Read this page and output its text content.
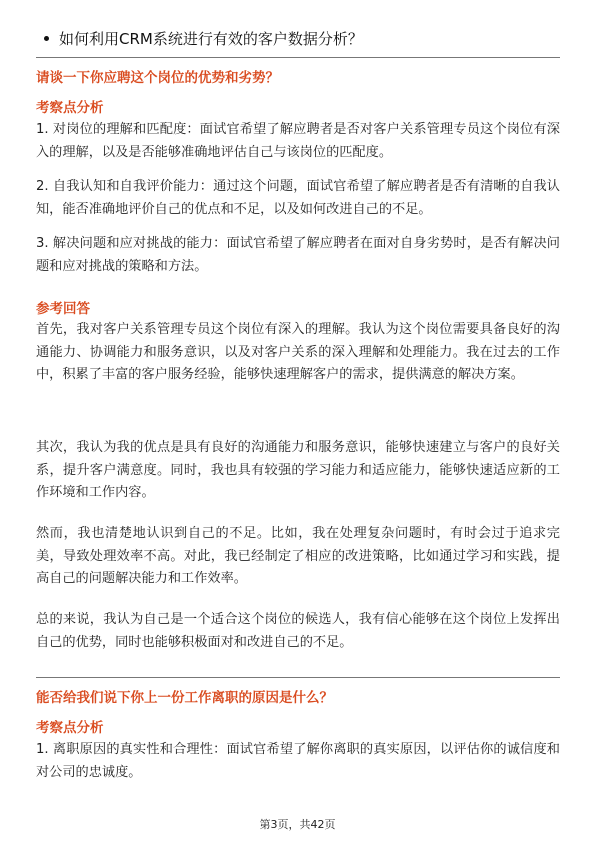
如何利用CRM系统进行有效的客户数据分析？
请谈一下你应聘这个岗位的优势和劣势？
考察点分析
1. 对岗位的理解和匹配度：面试官希望了解应聘者是否对客户关系管理专员这个岗位有深入的理解，以及是否能够准确地评估自己与该岗位的匹配度。
2. 自我认知和自我评价能力：通过这个问题，面试官希望了解应聘者是否有清晰的自我认知，能否准确地评价自己的优点和不足，以及如何改进自己的不足。
3. 解决问题和应对挑战的能力：面试官希望了解应聘者在面对自身劣势时，是否有解决问题和应对挑战的策略和方法。
参考回答
首先，我对客户关系管理专员这个岗位有深入的理解。我认为这个岗位需要具备良好的沟通能力、协调能力和服务意识，以及对客户关系的深入理解和处理能力。我在过去的工作中，积累了丰富的客户服务经验，能够快速理解客户的需求，提供满意的解决方案。
其次，我认为我的优点是具有良好的沟通能力和服务意识，能够快速建立与客户的良好关系，提升客户满意度。同时，我也具有较强的学习能力和适应能力，能够快速适应新的工作环境和工作内容。
然而，我也清楚地认识到自己的不足。比如，我在处理复杂问题时，有时会过于追求完美，导致处理效率不高。对此，我已经制定了相应的改进策略，比如通过学习和实践，提高自己的问题解决能力和工作效率。
总的来说，我认为自己是一个适合这个岗位的候选人，我有信心能够在这个岗位上发挥出自己的优势，同时也能够积极面对和改进自己的不足。
能否给我们说下你上一份工作离职的原因是什么？
考察点分析
1. 离职原因的真实性和合理性：面试官希望了解你离职的真实原因，以评估你的诚信度和对公司的忠诚度。
第3页，共42页
